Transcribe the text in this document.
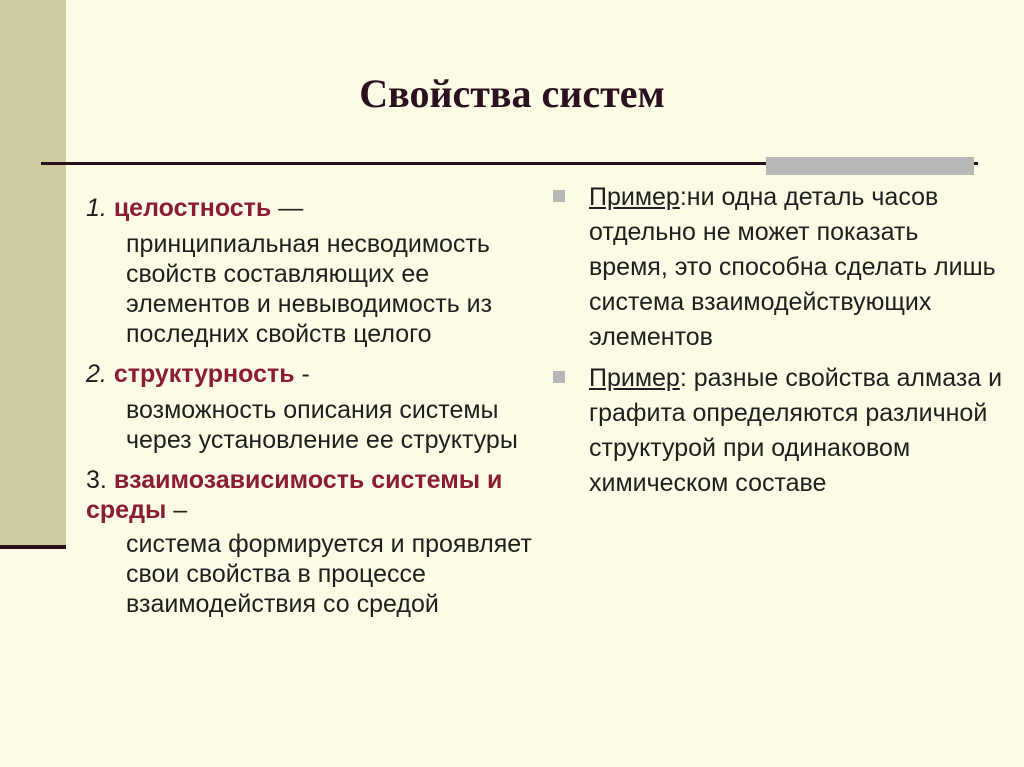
Свойства систем
1. целостность —
принципиальная несводимость свойств составляющих ее элементов и невыводимость из последних свойств целого
2. структурность -
возможность описания системы через установление ее структуры
3. взаимозависимость системы и среды –
система формируется и проявляет свои свойства в процессе взаимодействия со средой
Пример:ни одна деталь часов отдельно не может показать время, это способна сделать лишь система взаимодействующих элементов
Пример: разные свойства алмаза и графита определяются различной структурой при одинаковом химическом составе
